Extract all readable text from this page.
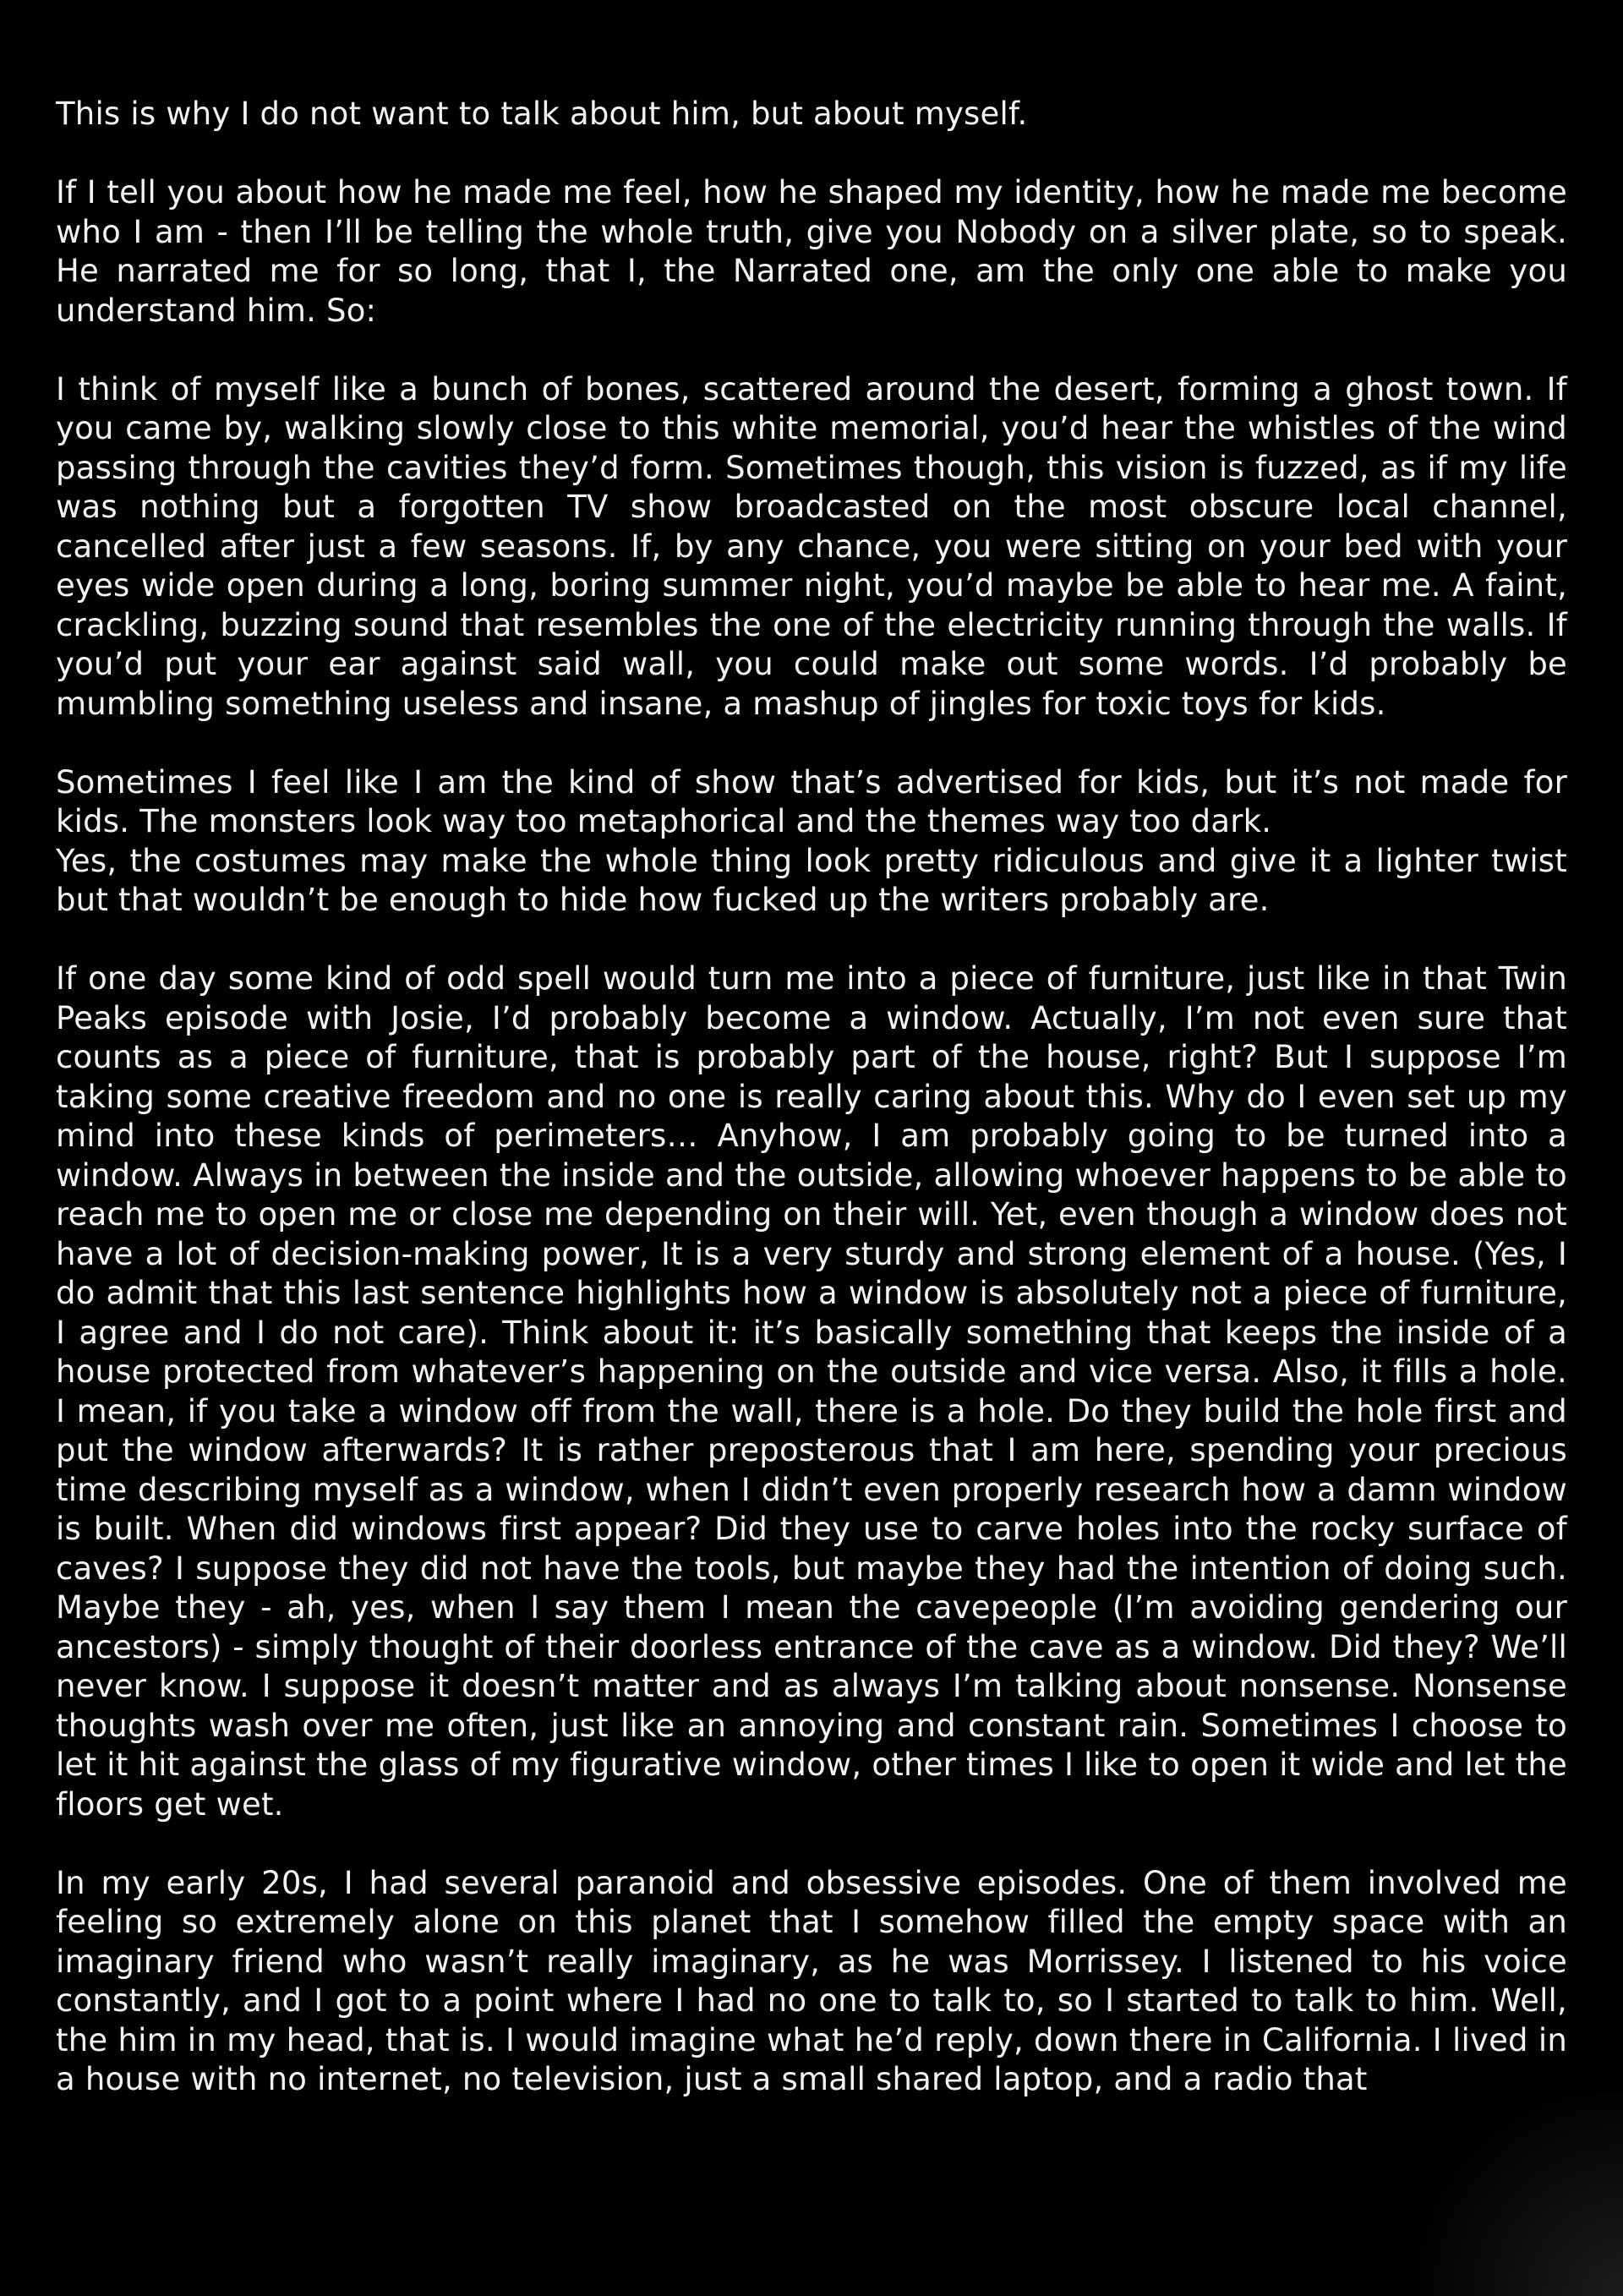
This is why I do not want to talk about him, but about myself.

If I tell you about how he made me feel, how he shaped my identity, how he made me become who I am - then I’ll be telling the whole truth, give you Nobody on a silver plate, so to speak. He narrated me for so long, that I, the Narrated one, am the only one able to make you understand him. So:

I think of myself like a bunch of bones, scattered around the desert, forming a ghost town. If you came by, walking slowly close to this white memorial, you’d hear the whistles of the wind passing through the cavities they’d form. Sometimes though, this vision is fuzzed, as if my life was nothing but a forgotten TV show broadcasted on the most obscure local channel, cancelled after just a few seasons. If, by any chance, you were sitting on your bed with your eyes wide open during a long, boring summer night, you’d maybe be able to hear me. A faint, crackling, buzzing sound that resembles the one of the electricity running through the walls. If you’d put your ear against said wall, you could make out some words. I’d probably be mumbling something useless and insane, a mashup of jingles for toxic toys for kids.

Sometimes I feel like I am the kind of show that’s advertised for kids, but it’s not made for kids. The monsters look way too metaphorical and the themes way too dark.
Yes, the costumes may make the whole thing look pretty ridiculous and give it a lighter twist but that wouldn’t be enough to hide how fucked up the writers probably are.

If one day some kind of odd spell would turn me into a piece of furniture, just like in that Twin Peaks episode with Josie, I’d probably become a window. Actually, I’m not even sure that counts as a piece of furniture, that is probably part of the house, right? But I suppose I’m taking some creative freedom and no one is really caring about this. Why do I even set up my mind into these kinds of perimeters… Anyhow, I am probably going to be turned into a window. Always in between the inside and the outside, allowing whoever happens to be able to reach me to open me or close me depending on their will. Yet, even though a window does not have a lot of decision-making power, It is a very sturdy and strong element of a house. (Yes, I do admit that this last sentence highlights how a window is absolutely not a piece of furniture, I agree and I do not care). Think about it: it’s basically something that keeps the inside of a house protected from whatever’s happening on the outside and vice versa. Also, it fills a hole. I mean, if you take a window off from the wall, there is a hole. Do they build the hole first and put the window afterwards? It is rather preposterous that I am here, spending your precious time describing myself as a window, when I didn’t even properly research how a damn window is built. When did windows first appear? Did they use to carve holes into the rocky surface of caves? I suppose they did not have the tools, but maybe they had the intention of doing such. Maybe they - ah, yes, when I say them I mean the cavepeople (I’m avoiding gendering our ancestors) - simply thought of their doorless entrance of the cave as a window. Did they? We’ll never know. I suppose it doesn’t matter and as always I’m talking about nonsense. Nonsense thoughts wash over me often, just like an annoying and constant rain. Sometimes I choose to let it hit against the glass of my figurative window, other times I like to open it wide and let the floors get wet.

In my early 20s, I had several paranoid and obsessive episodes. One of them involved me feeling so extremely alone on this planet that I somehow filled the empty space with an imaginary friend who wasn’t really imaginary, as he was Morrissey. I listened to his voice constantly, and I got to a point where I had no one to talk to, so I started to talk to him. Well, the him in my head, that is. I would imagine what he’d reply, down there in California. I lived in a house with no internet, no television, just a small shared laptop, and a radio that
